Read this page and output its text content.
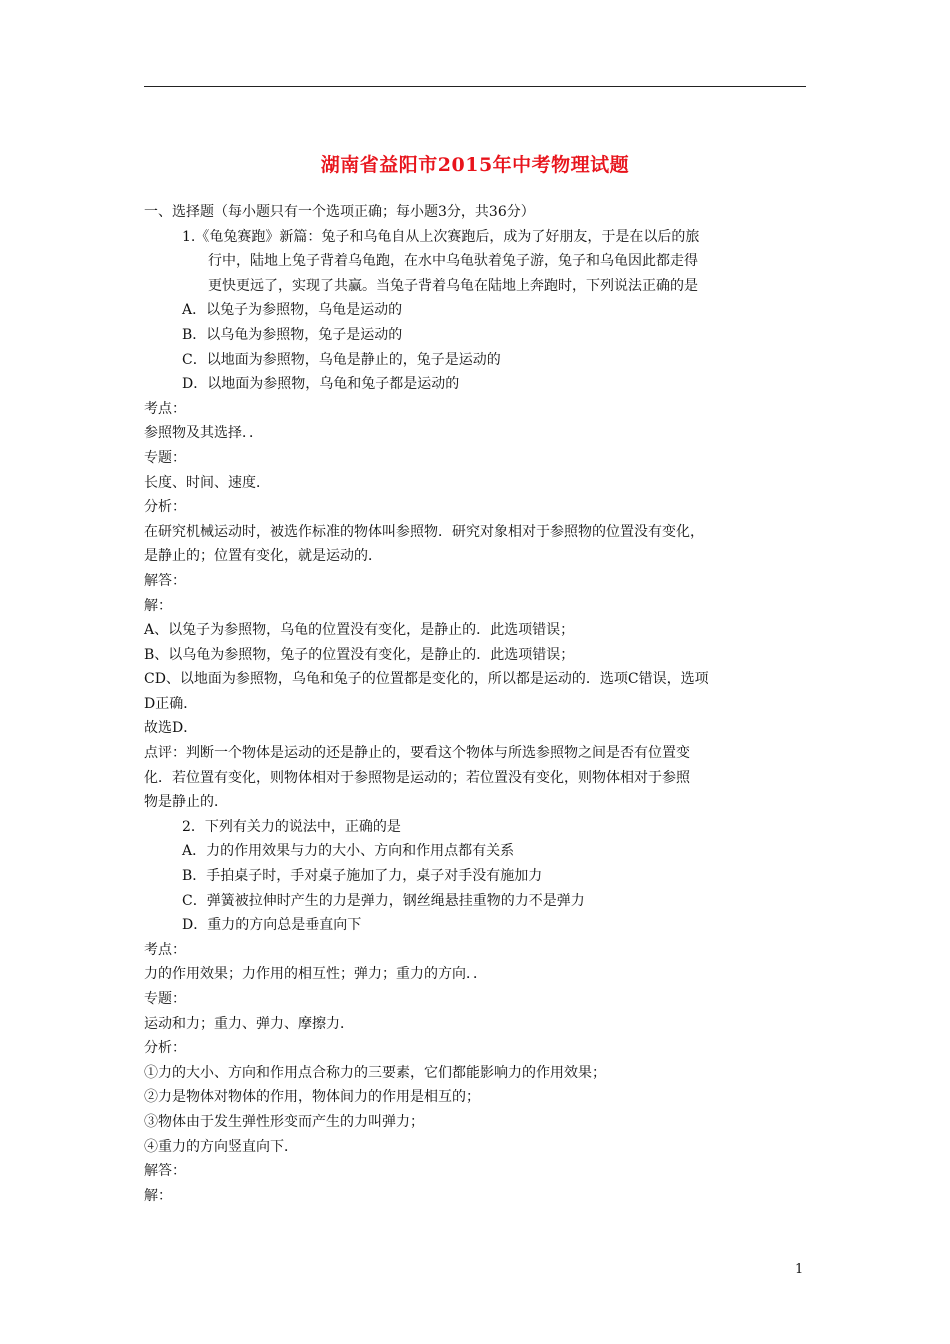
湖南省益阳市2015年中考物理试题
一、选择题（每小题只有一个选项正确；每小题3分，共36分）
1.《龟兔赛跑》新篇：兔子和乌龟自从上次赛跑后，成为了好朋友，于是在以后的旅
行中，陆地上兔子背着乌龟跑，在水中乌龟驮着兔子游，兔子和乌龟因此都走得
更快更远了，实现了共赢。当兔子背着乌龟在陆地上奔跑时，下列说法正确的是
A．以兔子为参照物，乌龟是运动的
B．以乌龟为参照物，兔子是运动的
C．以地面为参照物，乌龟是静止的，兔子是运动的
D．以地面为参照物，乌龟和兔子都是运动的
考点：
参照物及其选择．．
专题：
长度、时间、速度．
分析：
在研究机械运动时，被选作标准的物体叫参照物．研究对象相对于参照物的位置没有变化，
是静止的；位置有变化，就是运动的．
解答：
解：
A、以兔子为参照物，乌龟的位置没有变化，是静止的．此选项错误；
B、以乌龟为参照物，兔子的位置没有变化，是静止的．此选项错误；
CD、以地面为参照物，乌龟和兔子的位置都是变化的，所以都是运动的．选项C错误，选项
D正确．
故选D．
点评：判断一个物体是运动的还是静止的，要看这个物体与所选参照物之间是否有位置变
化．若位置有变化，则物体相对于参照物是运动的；若位置没有变化，则物体相对于参照
物是静止的．
2．下列有关力的说法中，正确的是
A．力的作用效果与力的大小、方向和作用点都有关系
B．手拍桌子时，手对桌子施加了力，桌子对手没有施加力
C．弹簧被拉伸时产生的力是弹力，钢丝绳悬挂重物的力不是弹力
D．重力的方向总是垂直向下
考点：
力的作用效果；力作用的相互性；弹力；重力的方向．．
专题：
运动和力；重力、弹力、摩擦力．
分析：
①力的大小、方向和作用点合称力的三要素，它们都能影响力的作用效果；
②力是物体对物体的作用，物体间力的作用是相互的；
③物体由于发生弹性形变而产生的力叫弹力；
④重力的方向竖直向下．
解答：
解：
1
